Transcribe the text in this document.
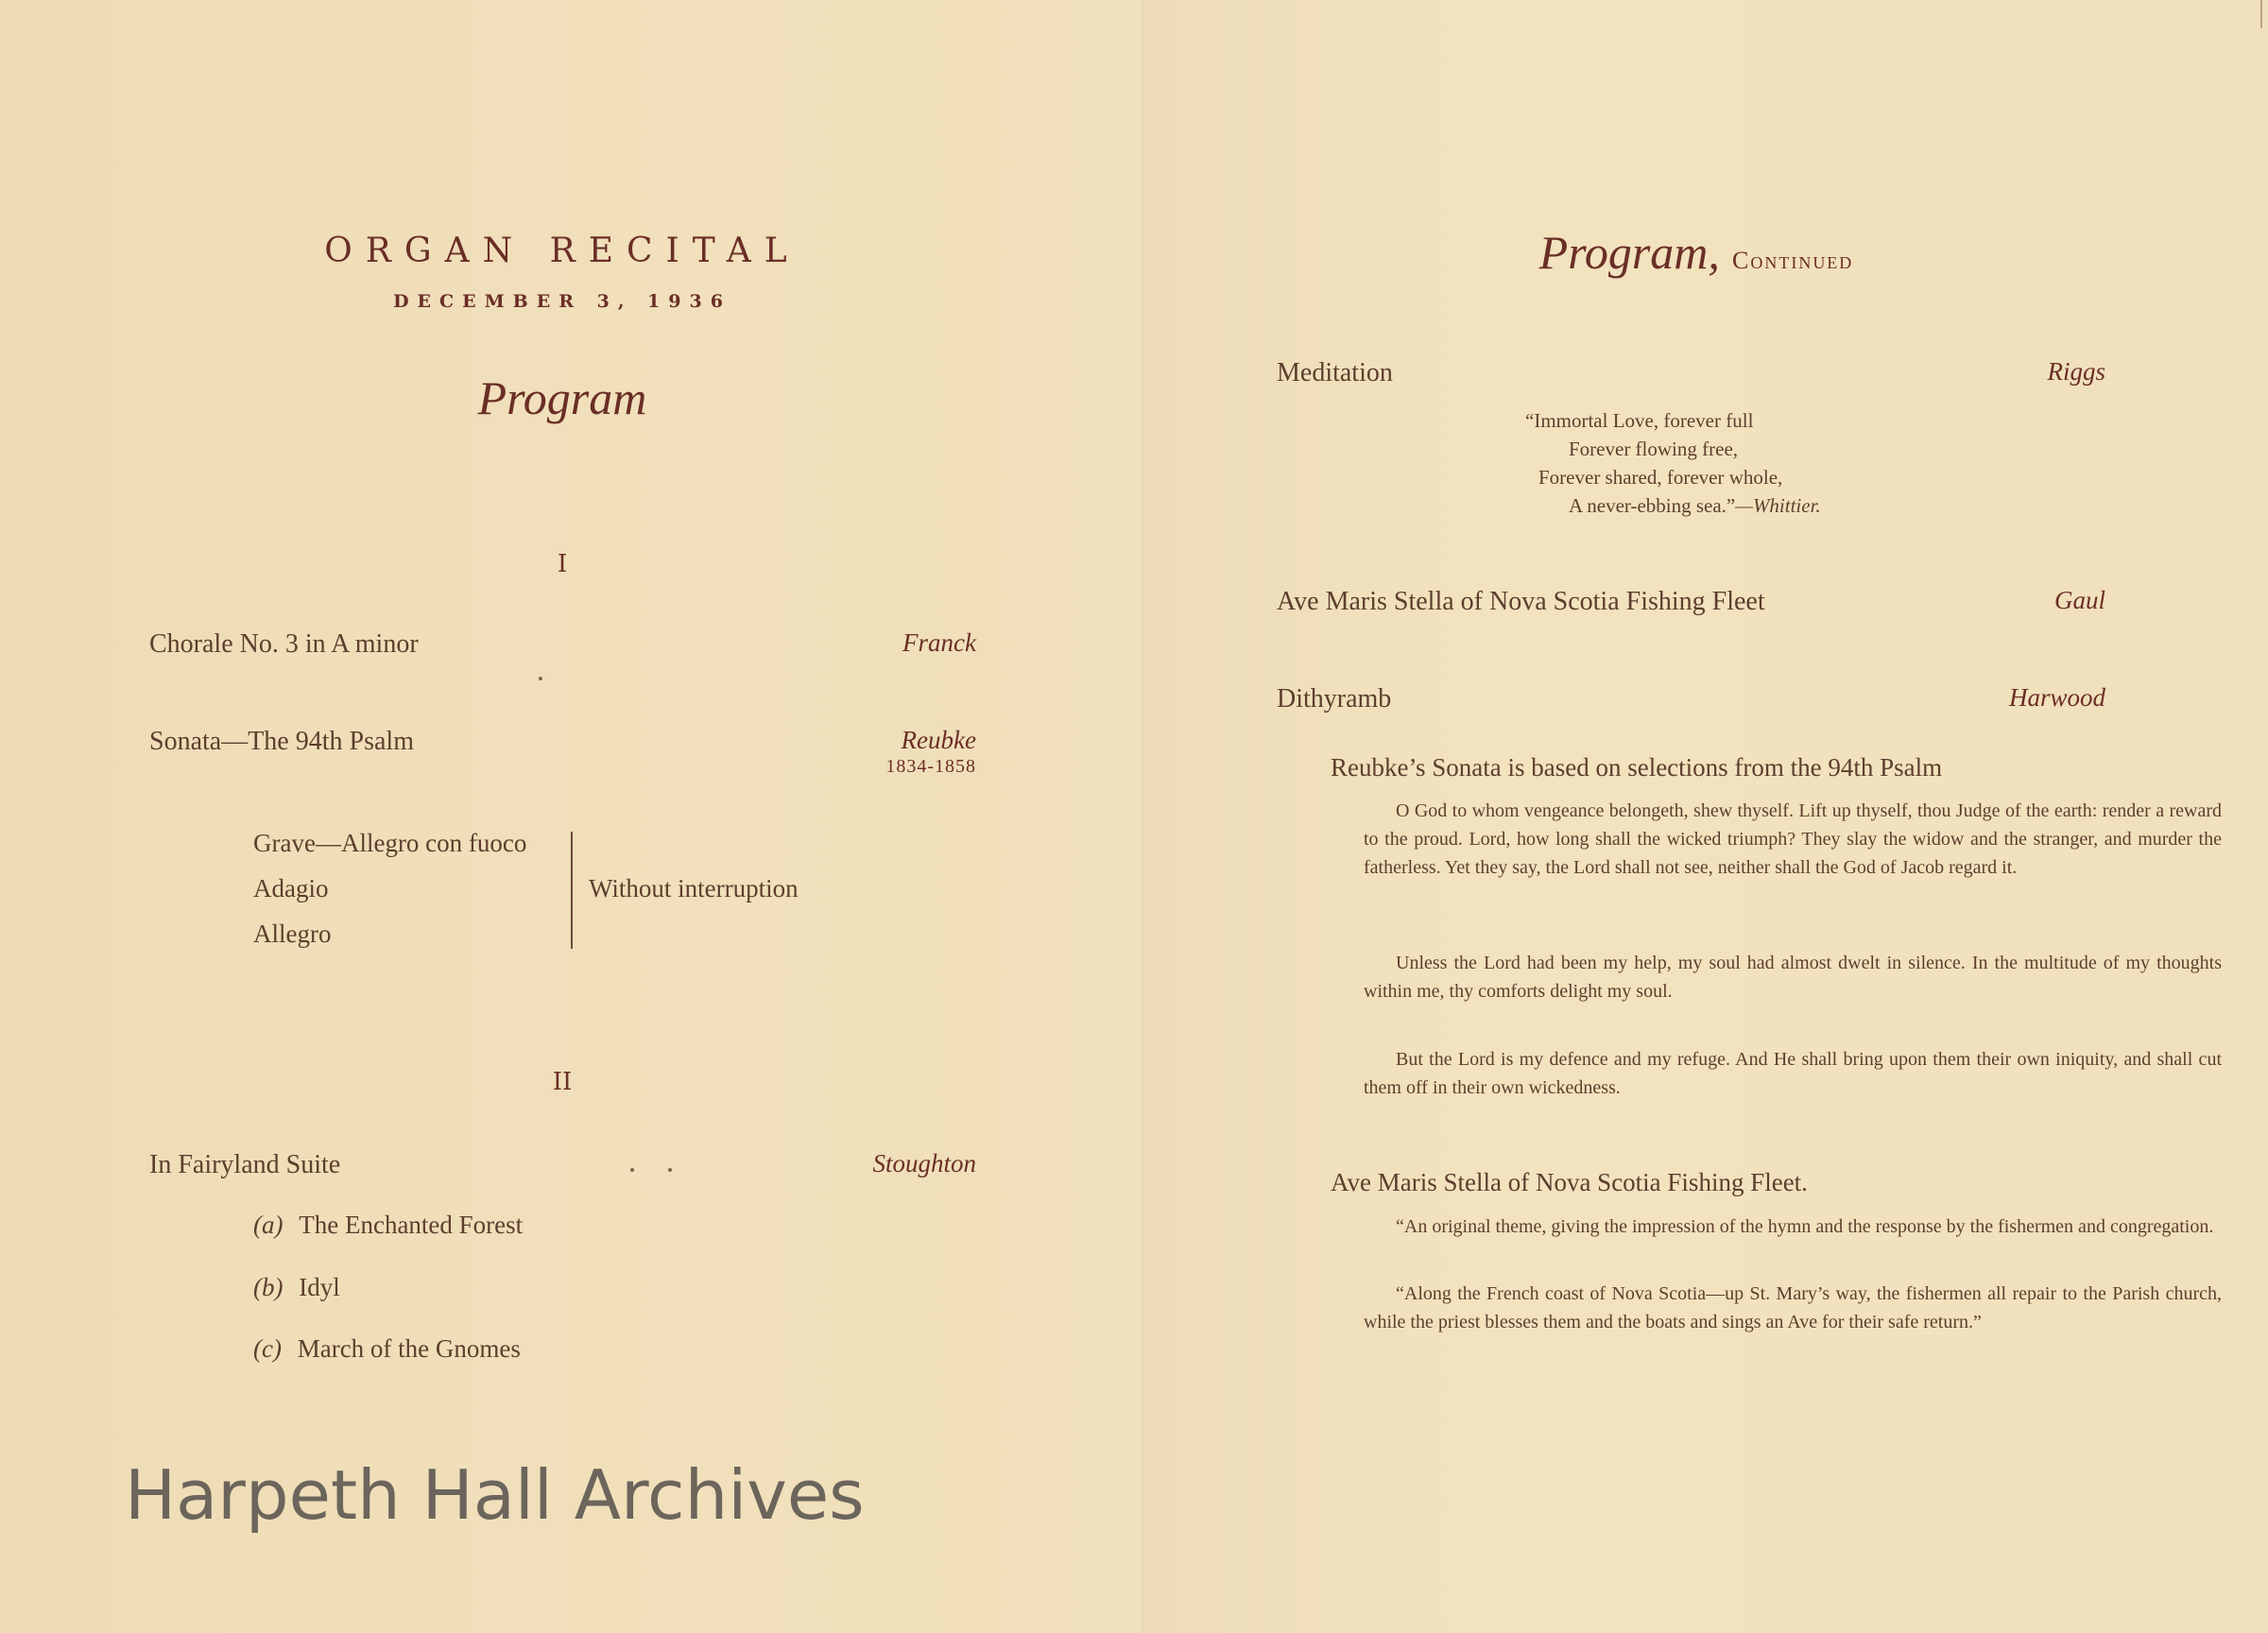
ORGAN RECITAL

DECEMBER 3, 1936

Program

I

Chorale No. 3 in A minor	Franck

Sonata—The 94th Psalm	Reubke

1834-1858

Grave—Allegro con fuoco

Adagio

Allegro

Without interruption

II

In Fairyland Suite	Stoughton

(a) The Enchanted Forest
(b) Idyl
(c) March of the Gnomes

Harpeth Hall Archives

Program, Continued

Meditation	Riggs

“Immortal Love, forever full
Forever flowing free,
Forever shared, forever whole,
A never-ebbing sea.”—Whittier.

Ave Maris Stella of Nova Scotia Fishing Fleet	Gaul

Dithyramb	Harwood

Reubke’s Sonata is based on selections from the 94th Psalm

O God to whom vengeance belongeth, shew thyself. Lift up thyself, thou Judge of the earth: render a reward to the proud. Lord, how long shall the wicked triumph? They slay the widow and the stranger, and murder the fatherless. Yet they say, the Lord shall not see, neither shall the God of Jacob regard it.

Unless the Lord had been my help, my soul had almost dwelt in silence. In the multitude of my thoughts within me, thy comforts delight my soul.

But the Lord is my defence and my refuge. And He shall bring upon them their own iniquity, and shall cut them off in their own wickedness.

Ave Maris Stella of Nova Scotia Fishing Fleet.

“An original theme, giving the impression of the hymn and the response by the fishermen and congregation.

“Along the French coast of Nova Scotia—up St. Mary’s way, the fishermen all repair to the Parish church, while the priest blesses them and the boats and sings an Ave for their safe return.”
